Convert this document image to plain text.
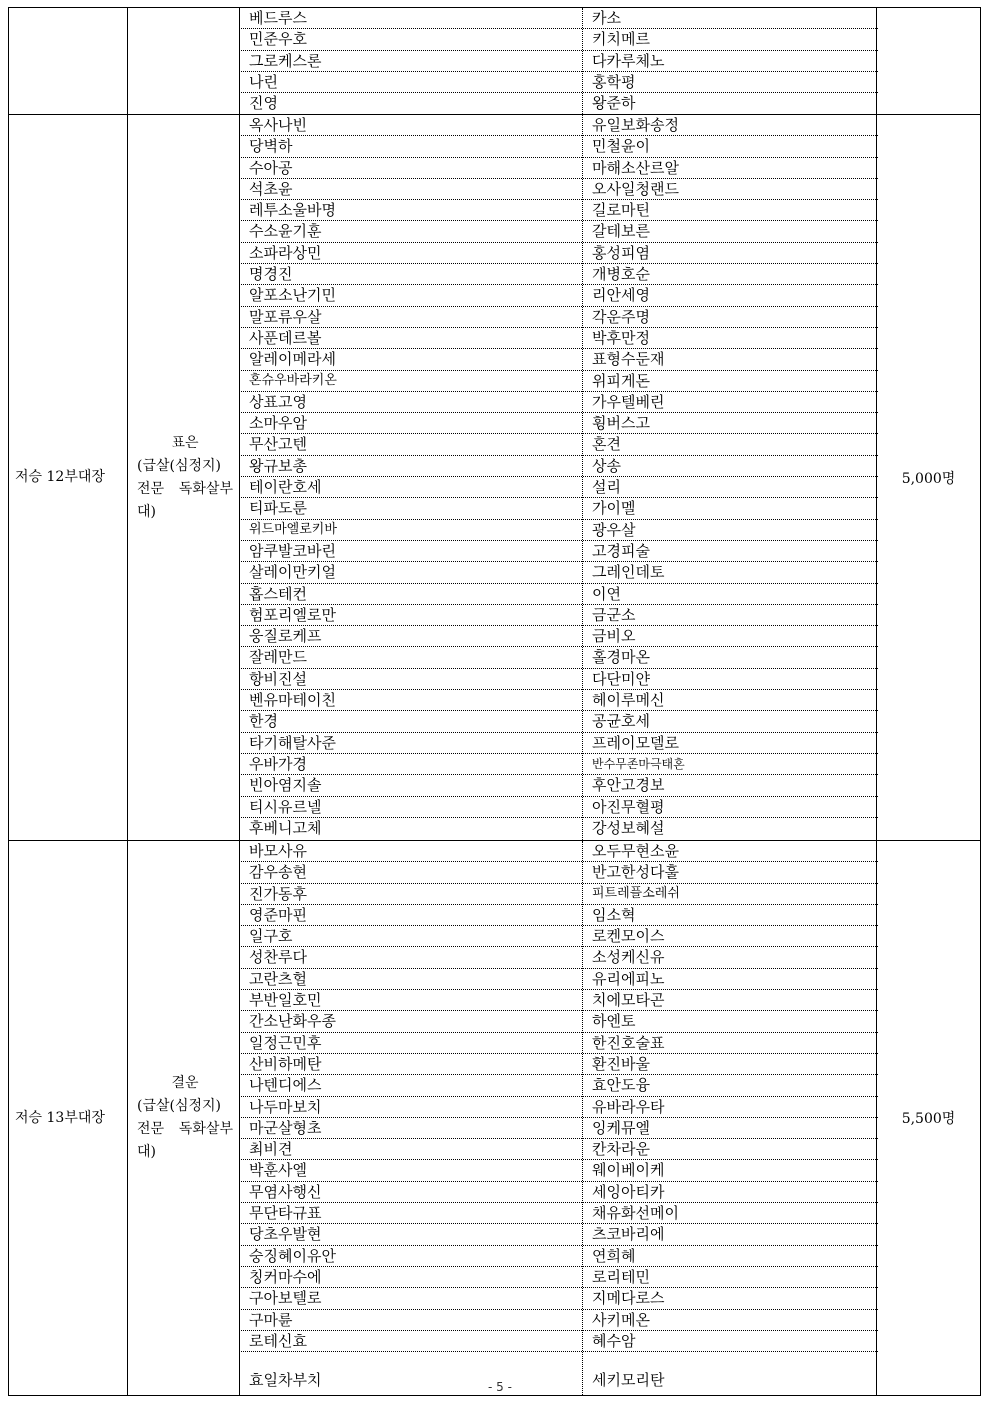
베드루스	카소
민준우호	키치메르
그로케스론	다카루체노
나린	홍학평
진영	왕준하
저승 12부대장
표은
(급살(심정지)전문 독화살부대)
옥사나빈	유일보화송정
당벽하	민철윤이
수아공	마해소산르알
석초윤	오사일청랜드
레투소울바명	길로마틴
수소윤기훈	갈테보른
소파라상민	홍성피염
명경진	개병호순
알포소난기민	리안세영
말포류우살	각운주명
사푼데르볼	박후만정
알레이메라세	표형수둔재
혼슈우바라키온	위피게돈
상표고영	가우텔베린
소마우암	휭버스고
무산고텐	혼견
왕규보총	상송
테이란호세	설리
티파도룬	가이멜
위드마엘로키바	광우살
암쿠발코바린	고경피술
살레이만키얼	그레인데토
홉스테컨	이연
험포리엘로만	금군소
웅질로케프	금비오
잘레만드	홀경마온
항비진설	다단미얀
벤유마테이친	헤이루메신
한경	공균호세
타기해탈사준	프레이모델로
우바가경	반수무존마극태혼
빈아염지솔	후안고경보
티시유르넬	아진무혈평
후베니고체	강성보혜설
5,000명
저승 13부대장
결운
(급살(심정지)전문 독화살부대)
바모사유	오두무현소윤
감우송현	반고한성다훌
진가동후	피트레플소레쉬
영준마핀	임소혁
일구호	로켄모이스
성찬루다	소성케신유
고란츠헐	유리에피노
부반일호민	치에모타곤
간소난화우종	하엔토
일정근민후	한진호술표
산비하메탄	환진바울
나텐디에스	효안도융
나두마보치	유바라우타
마군살형초	잉케뮤엘
최비견	칸차라운
박훈사엘	웨이베이케
무염사행신	세잉아티카
무단타규표	채유화선메이
당초우발현	츠코바리에
숭징혜이유안	연희혜
칭커마수에	로리테민
구아보텔로	지메다로스
구마륜	사키메온
로테신효	혜수암
효일차부치	세키모리탄
5,500명
- 5 -
